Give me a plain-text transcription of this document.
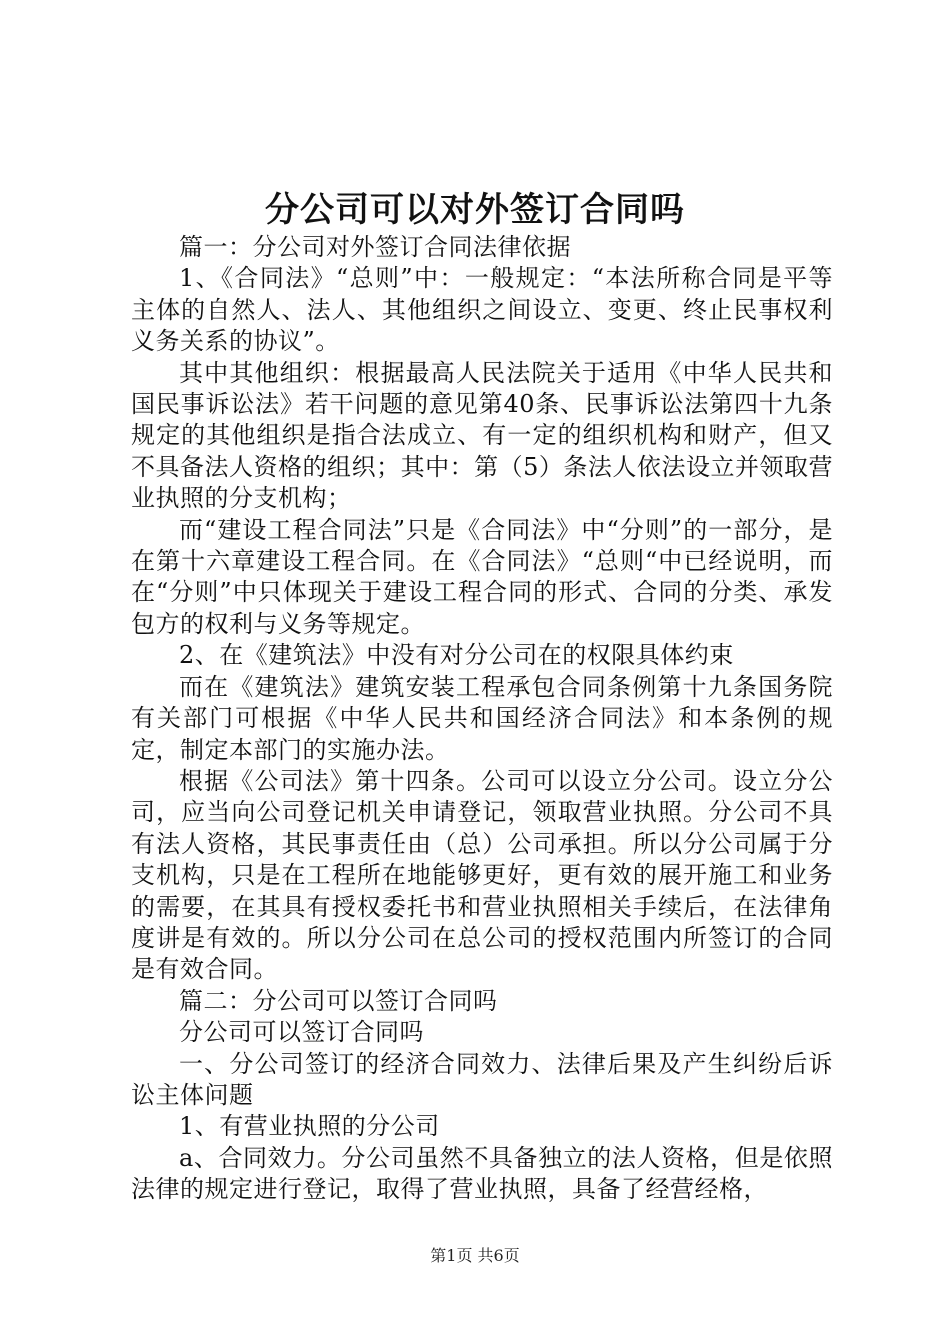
分公司可以对外签订合同吗

篇一：分公司对外签订合同法律依据

1、《合同法》“总则”中：一般规定：“本法所称合同是平等主体的自然人、法人、其他组织之间设立、变更、终止民事权利义务关系的协议”。

其中其他组织：根据最高人民法院关于适用《中华人民共和国民事诉讼法》若干问题的意见第40条、民事诉讼法第四十九条规定的其他组织是指合法成立、有一定的组织机构和财产，但又不具备法人资格的组织；其中：第（5）条法人依法设立并领取营业执照的分支机构；

而“建设工程合同法”只是《合同法》中“分则”的一部分，是在第十六章建设工程合同。在《合同法》“总则“中已经说明，而在“分则”中只体现关于建设工程合同的形式、合同的分类、承发包方的权利与义务等规定。

2、在《建筑法》中没有对分公司在的权限具体约束

而在《建筑法》建筑安装工程承包合同条例第十九条国务院有关部门可根据《中华人民共和国经济合同法》和本条例的规定，制定本部门的实施办法。

根据《公司法》第十四条。公司可以设立分公司。设立分公司，应当向公司登记机关申请登记，领取营业执照。分公司不具有法人资格，其民事责任由（总）公司承担。所以分公司属于分支机构，只是在工程所在地能够更好，更有效的展开施工和业务的需要，在其具有授权委托书和营业执照相关手续后，在法律角度讲是有效的。所以分公司在总公司的授权范围内所签订的合同是有效合同。

篇二：分公司可以签订合同吗

分公司可以签订合同吗

一、分公司签订的经济合同效力、法律后果及产生纠纷后诉讼主体问题

1、有营业执照的分公司

a、合同效力。分公司虽然不具备独立的法人资格，但是依照法律的规定进行登记，取得了营业执照，具备了经营经格，

第1页 共6页
